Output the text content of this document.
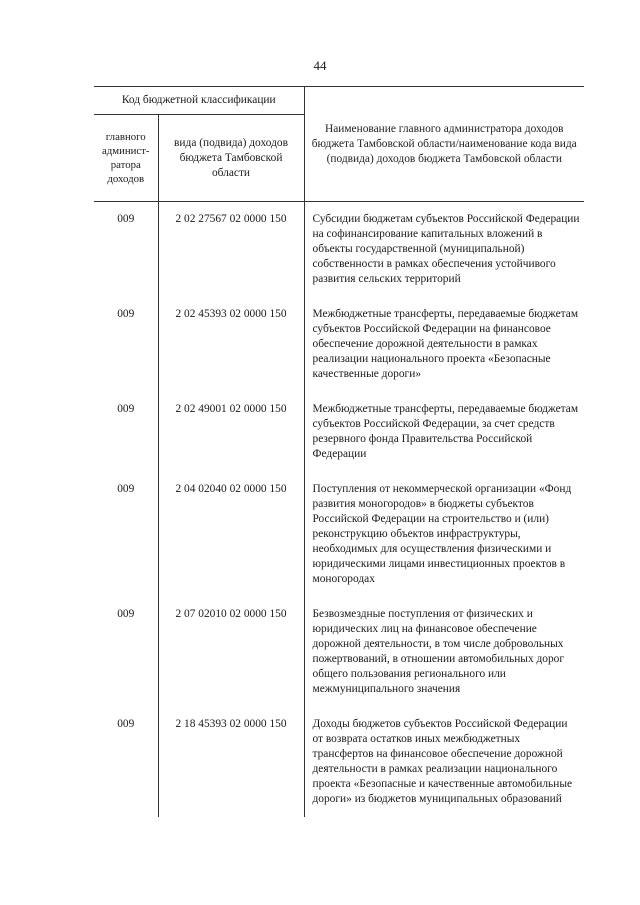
44
Код бюджетной классификации		Наименование главного администратора доходов бюджета Тамбовской области/наименование кода вида (подвида) доходов бюджета Тамбовской области
главного админист-ратора доходов	вида (подвида) доходов бюджета Тамбовской области	
009	2 02 27567 02 0000 150	Субсидии бюджетам субъектов Российской Федерации на софинансирование капитальных вложений в объекты государственной (муниципальной) собственности в рамках обеспечения устойчивого развития сельских территорий
009	2 02 45393 02 0000 150	Межбюджетные трансферты, передаваемые бюджетам субъектов Российской Федерации на финансовое обеспечение дорожной деятельности в рамках реализации национального проекта «Безопасные качественные дороги»
009	2 02 49001 02 0000 150	Межбюджетные трансферты, передаваемые бюджетам субъектов Российской Федерации, за счет средств резервного фонда Правительства Российской Федерации
009	2 04 02040 02 0000 150	Поступления от некоммерческой организации «Фонд развития моногородов» в бюджеты субъектов Российской Федерации на строительство и (или) реконструкцию объектов инфраструктуры, необходимых для осуществления физическими и юридическими лицами инвестиционных проектов в моногородах
009	2 07 02010 02 0000 150	Безвозмездные поступления от физических и юридических лиц на финансовое обеспечение дорожной деятельности, в том числе добровольных пожертвований, в отношении автомобильных дорог общего пользования регионального или межмуниципального значения
009	2 18 45393 02 0000 150	Доходы бюджетов субъектов Российской Федерации от возврата остатков иных межбюджетных трансфертов на финансовое обеспечение дорожной деятельности в рамках реализации национального проекта «Безопасные и качественные автомобильные дороги» из бюджетов муниципальных образований
